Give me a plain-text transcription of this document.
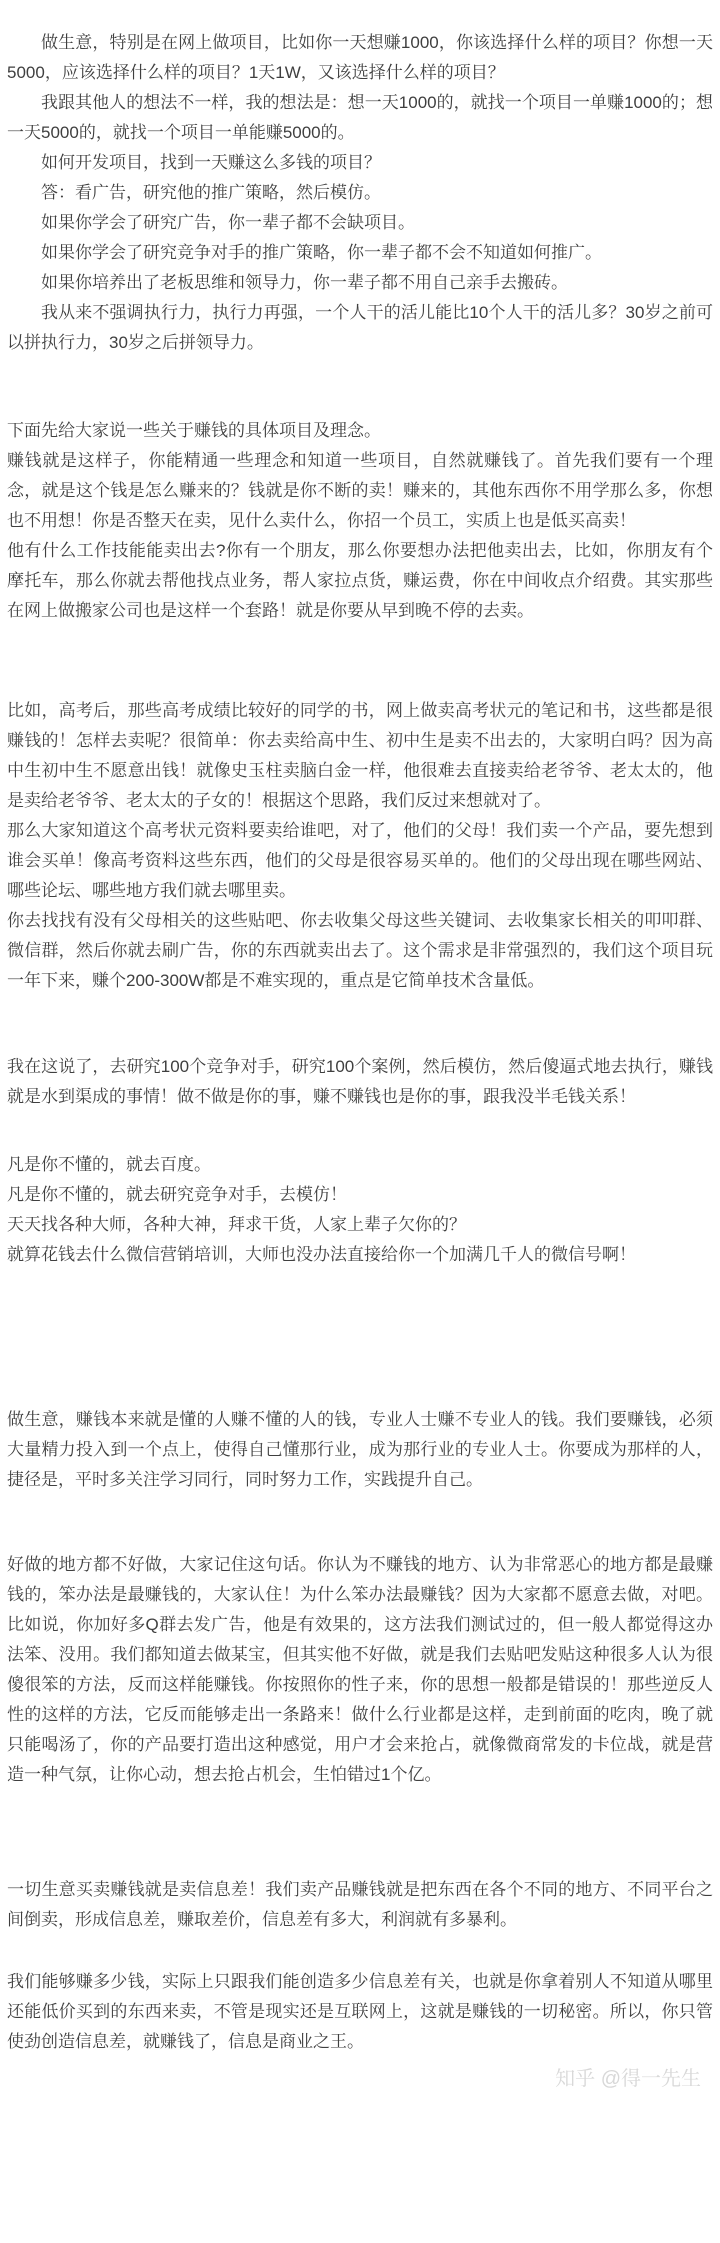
做生意，特别是在网上做项目，比如你一天想赚1000，你该选择什么样的项目？你想一天5000，应该选择什么样的项目？1天1W，又该选择什么样的项目？

我跟其他人的想法不一样，我的想法是：想一天1000的，就找一个项目一单赚1000的；想一天5000的，就找一个项目一单能赚5000的。

如何开发项目，找到一天赚这么多钱的项目？

答：看广告，研究他的推广策略，然后模仿。

如果你学会了研究广告，你一辈子都不会缺项目。

如果你学会了研究竞争对手的推广策略，你一辈子都不会不知道如何推广。

如果你培养出了老板思维和领导力，你一辈子都不用自己亲手去搬砖。

我从来不强调执行力，执行力再强，一个人干的活儿能比10个人干的活儿多？30岁之前可以拼执行力，30岁之后拼领导力。

下面先给大家说一些关于赚钱的具体项目及理念。

赚钱就是这样子，你能精通一些理念和知道一些项目，自然就赚钱了。首先我们要有一个理念，就是这个钱是怎么赚来的？钱就是你不断的卖！赚来的，其他东西你不用学那么多，你想也不用想！你是否整天在卖，见什么卖什么，你招一个员工，实质上也是低买高卖！

他有什么工作技能能卖出去?你有一个朋友，那么你要想办法把他卖出去，比如，你朋友有个摩托车，那么你就去帮他找点业务，帮人家拉点货，赚运费，你在中间收点介绍费。其实那些在网上做搬家公司也是这样一个套路！就是你要从早到晚不停的去卖。

比如，高考后，那些高考成绩比较好的同学的书，网上做卖高考状元的笔记和书，这些都是很赚钱的！怎样去卖呢？很简单：你去卖给高中生、初中生是卖不出去的，大家明白吗？因为高中生初中生不愿意出钱！就像史玉柱卖脑白金一样，他很难去直接卖给老爷爷、老太太的，他是卖给老爷爷、老太太的子女的！根据这个思路，我们反过来想就对了。

那么大家知道这个高考状元资料要卖给谁吧，对了，他们的父母！我们卖一个产品，要先想到谁会买单！像高考资料这些东西，他们的父母是很容易买单的。他们的父母出现在哪些网站、哪些论坛、哪些地方我们就去哪里卖。

你去找找有没有父母相关的这些贴吧、你去收集父母这些关键词、去收集家长相关的叩叩群、微信群，然后你就去刷广告，你的东西就卖出去了。这个需求是非常强烈的，我们这个项目玩一年下来，赚个200-300W都是不难实现的，重点是它简单技术含量低。

我在这说了，去研究100个竞争对手，研究100个案例，然后模仿，然后傻逼式地去执行，赚钱就是水到渠成的事情！做不做是你的事，赚不赚钱也是你的事，跟我没半毛钱关系！

凡是你不懂的，就去百度。

凡是你不懂的，就去研究竞争对手，去模仿！

天天找各种大师，各种大神，拜求干货，人家上辈子欠你的？

就算花钱去什么微信营销培训，大师也没办法直接给你一个加满几千人的微信号啊！

做生意，赚钱本来就是懂的人赚不懂的人的钱，专业人士赚不专业人的钱。我们要赚钱，必须大量精力投入到一个点上，使得自己懂那行业，成为那行业的专业人士。你要成为那样的人，捷径是，平时多关注学习同行，同时努力工作，实践提升自己。

好做的地方都不好做，大家记住这句话。你认为不赚钱的地方、认为非常恶心的地方都是最赚钱的，笨办法是最赚钱的，大家认住！为什么笨办法最赚钱？因为大家都不愿意去做，对吧。比如说，你加好多Q群去发广告，他是有效果的，这方法我们测试过的，但一般人都觉得这办法笨、没用。我们都知道去做某宝，但其实他不好做，就是我们去贴吧发贴这种很多人认为很傻很笨的方法，反而这样能赚钱。你按照你的性子来，你的思想一般都是错误的！那些逆反人性的这样的方法，它反而能够走出一条路来！做什么行业都是这样，走到前面的吃肉，晚了就只能喝汤了，你的产品要打造出这种感觉，用户才会来抢占，就像微商常发的卡位战，就是营造一种气氛，让你心动，想去抢占机会，生怕错过1个亿。

一切生意买卖赚钱就是卖信息差！我们卖产品赚钱就是把东西在各个不同的地方、不同平台之间倒卖，形成信息差，赚取差价，信息差有多大，利润就有多暴利。

我们能够赚多少钱，实际上只跟我们能创造多少信息差有关，也就是你拿着别人不知道从哪里还能低价买到的东西来卖，不管是现实还是互联网上，这就是赚钱的一切秘密。所以，你只管使劲创造信息差，就赚钱了，信息是商业之王。

知乎 @得一先生
